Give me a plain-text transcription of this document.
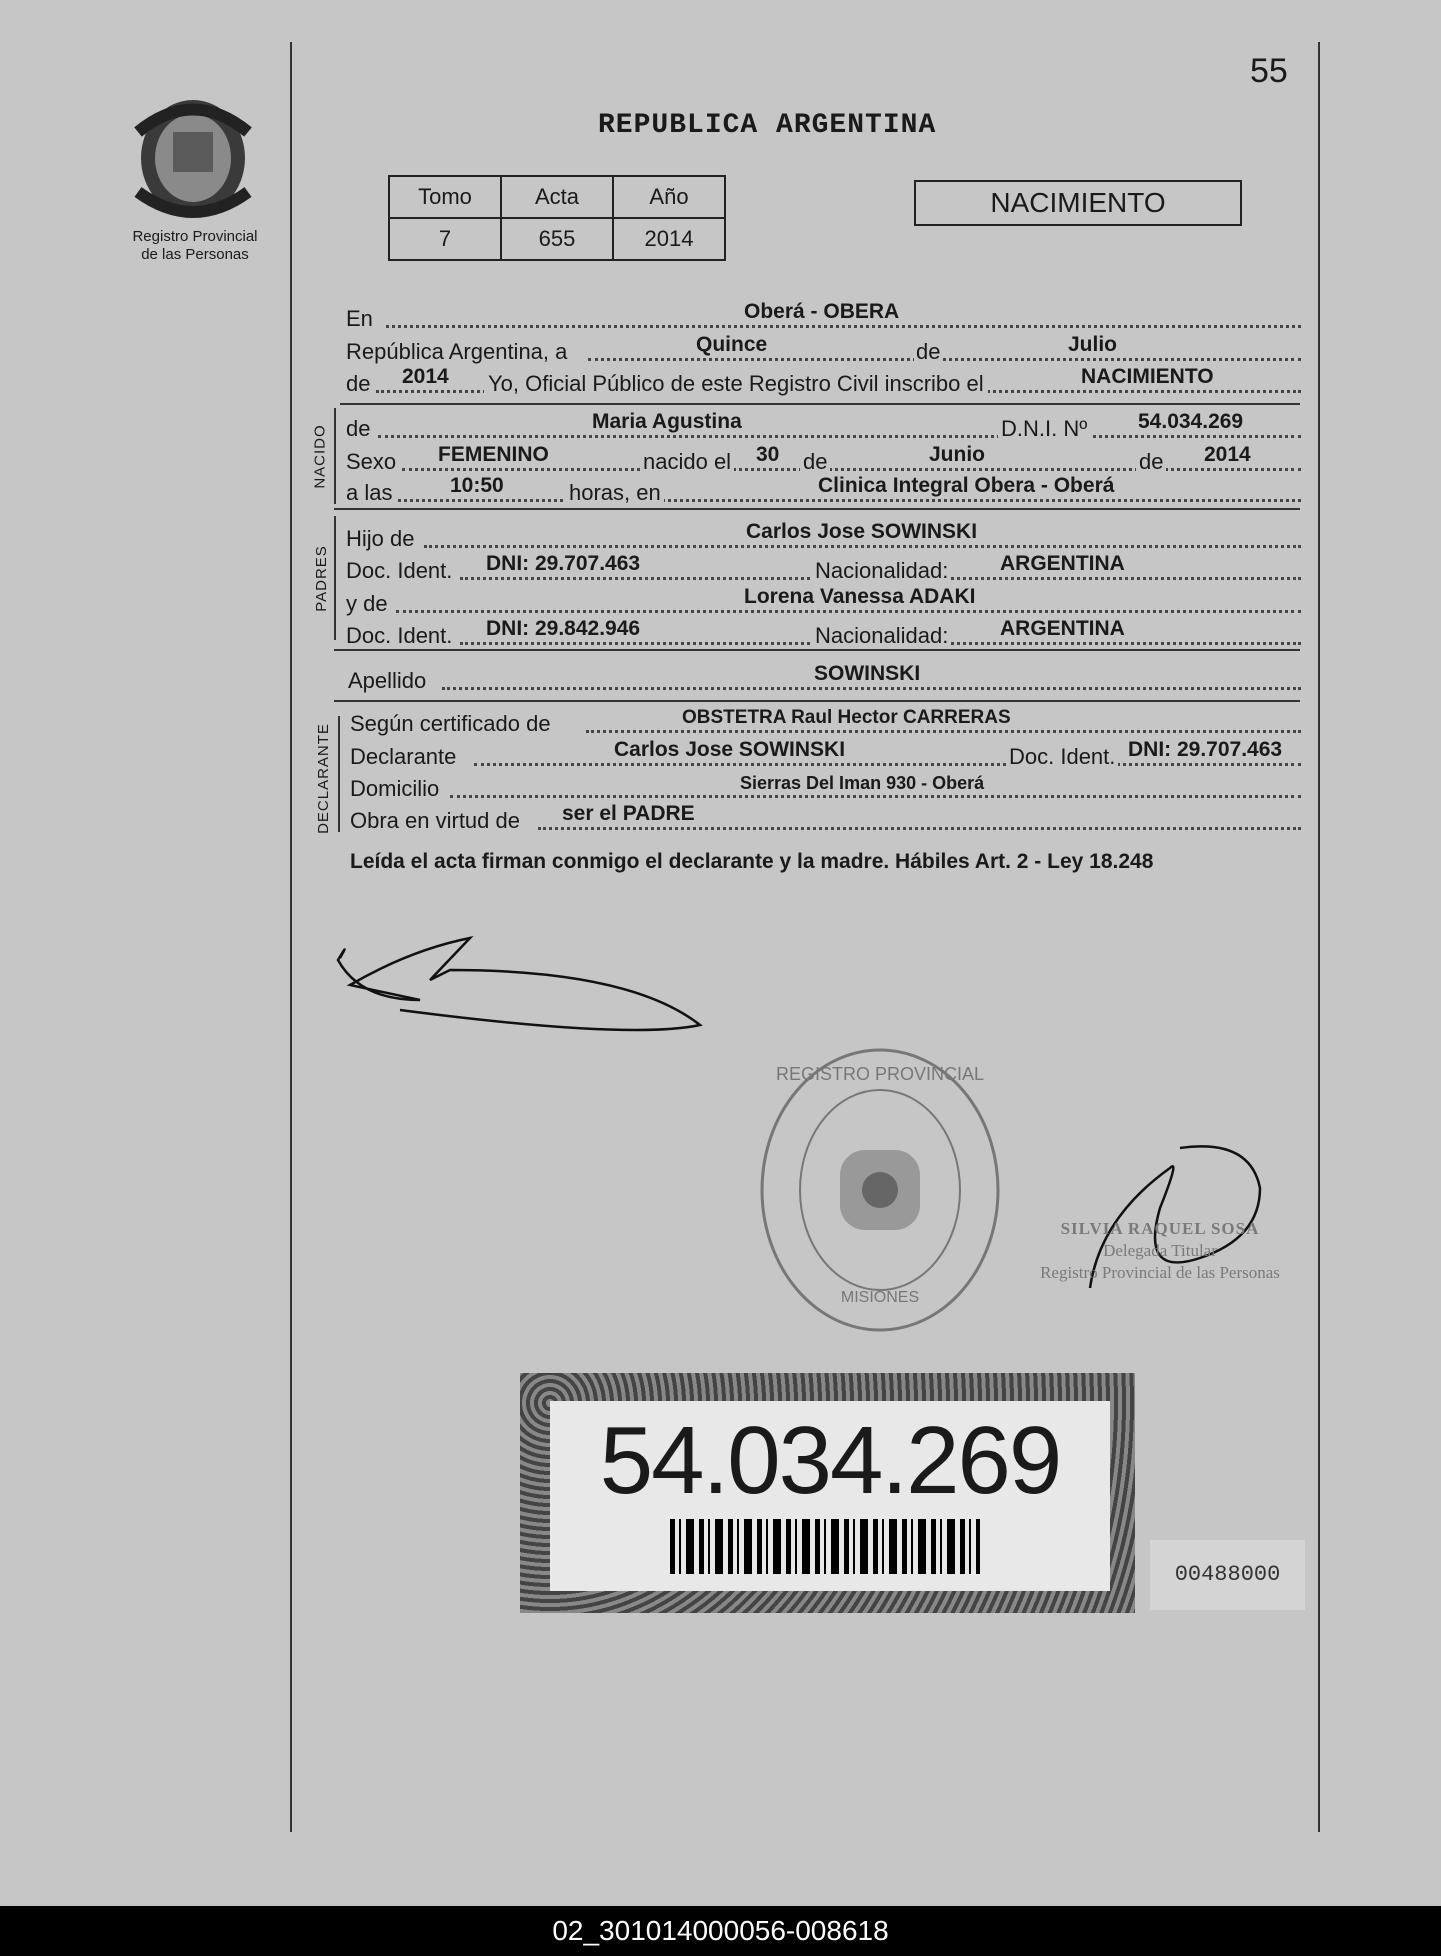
Registro Provincial
de las Personas
55
REPUBLICA ARGENTINA
Tomo	Acta	Año
7	655	2014
NACIMIENTO
En	Oberá - OBERA
República Argentina, a	Quince	de	Julio
de 2014 Yo, Oficial Público de este Registro Civil inscribo el	NACIMIENTO
NACIDO de	Maria Agustina	D.N.I. Nº 54.034.269
Sexo FEMENINO	nacido el 30 de	Junio	de 2014
a las	10:50	horas, en	Clinica Integral Obera - Oberá
PADRES
Hijo de	Carlos Jose SOWINSKI
Doc. Ident. DNI: 29.707.463	Nacionalidad: ARGENTINA
y de	Lorena Vanessa ADAKI
Doc. Ident. DNI: 29.842.946	Nacionalidad: ARGENTINA
Apellido	SOWINSKI
DECLARANTE Según certificado de	OBSTETRA Raul Hector CARRERAS
Declarante	Carlos Jose SOWINSKI	Doc. Ident. DNI: 29.707.463
Domicilio	Sierras Del Iman 930 - Oberá
Obra en virtud de ser el PADRE
Leída el acta firman conmigo el declarante y la madre. Hábiles Art. 2 - Ley 18.248
REGISTRO PROVINCIAL
MISIONES
SILVIA RAQUEL SOSA
Delegada Titular
Registro Provincial de las Personas
54.034.269
00488000
02_301014000056-008618
